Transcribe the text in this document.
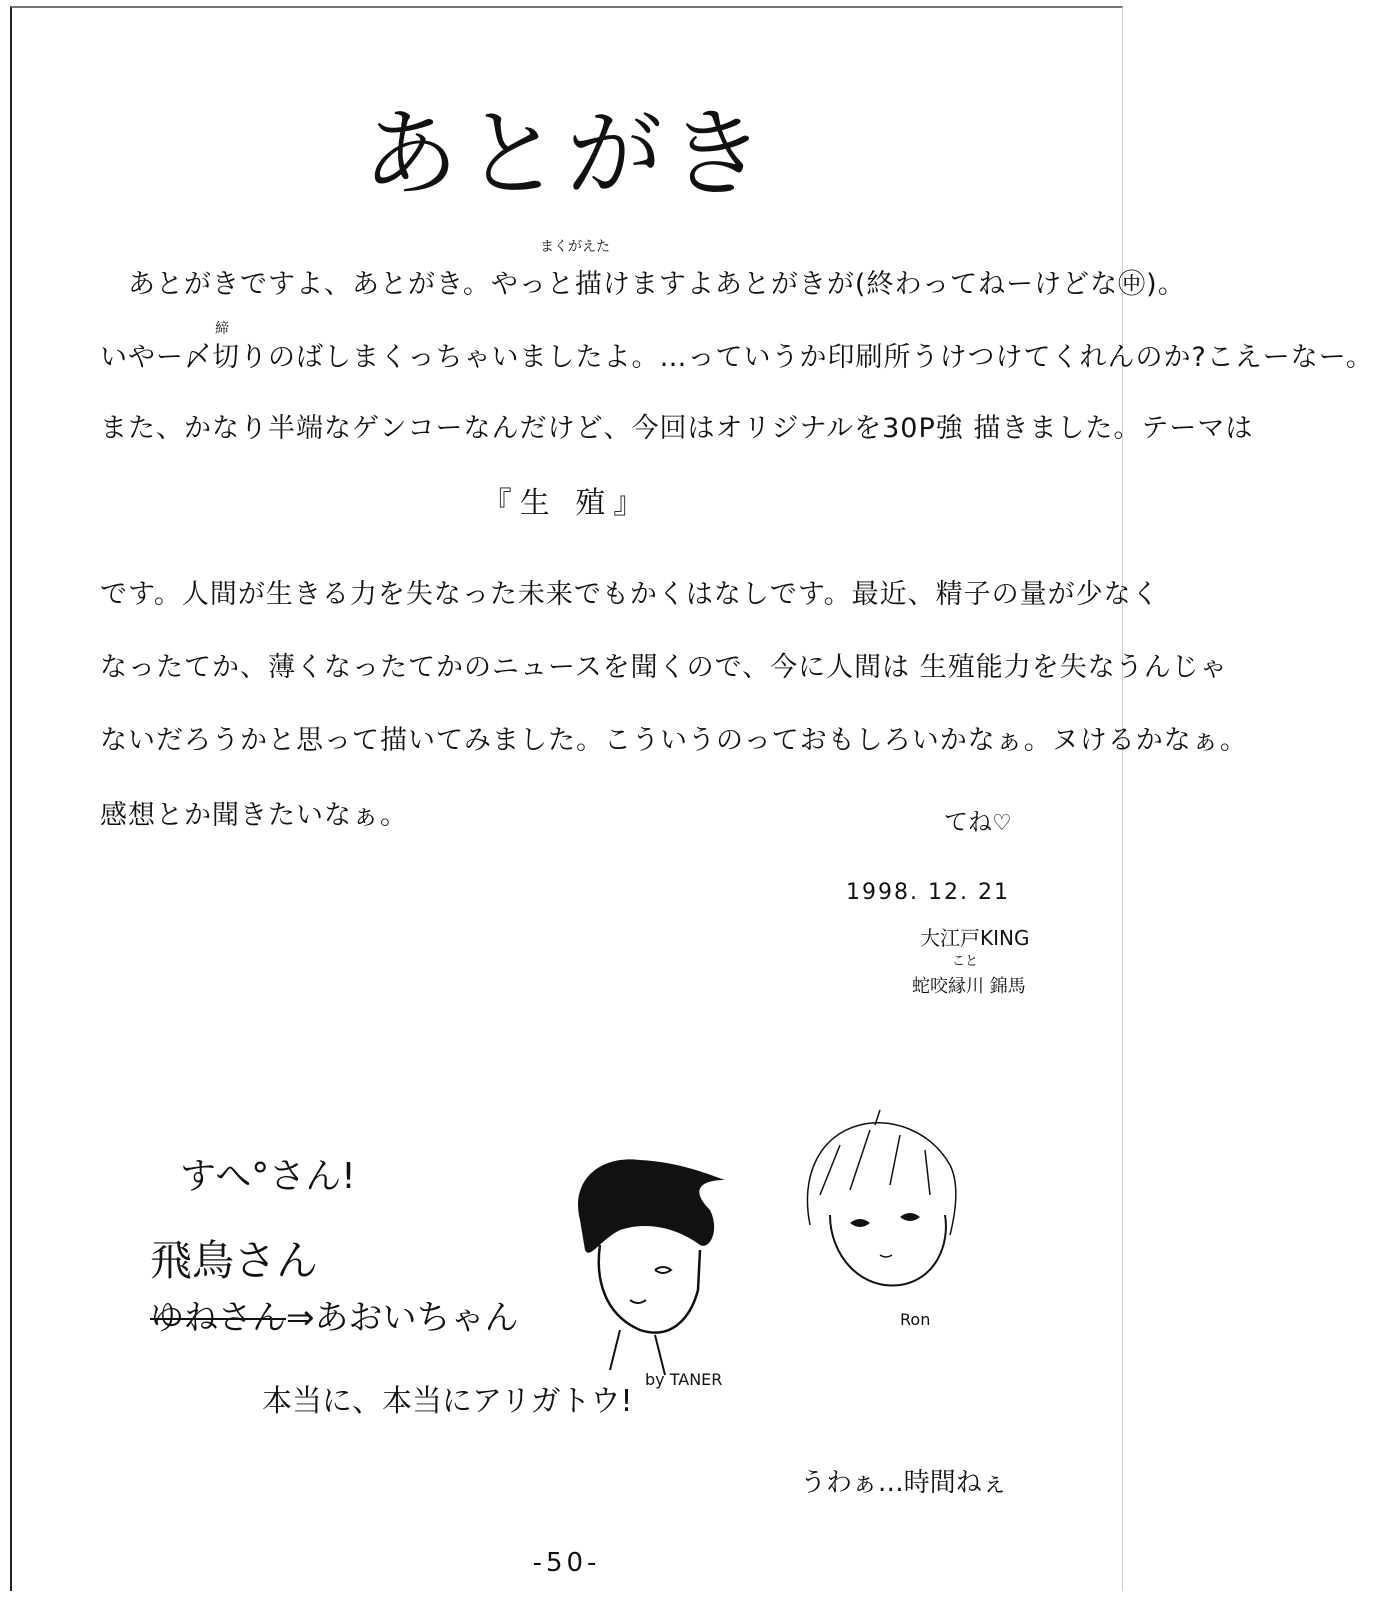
あとがき
まくがえた
締
あとがきですよ、あとがき。やっと描けますよあとがきが(終わってねーけどな㊥)。
いやー〆切りのばしまくっちゃいましたよ。…っていうか印刷所うけつけてくれんのか?こえーなー。
また、かなり半端なゲンコーなんだけど、今回はオリジナルを30P強 描きました。テーマは
『生 殖』
です。人間が生きる力を失なった未来でもかくはなしです。最近、精子の量が少なく
なったてか、薄くなったてかのニュースを聞くので、今に人間は 生殖能力を失なうんじゃ
ないだろうかと思って描いてみました。こういうのっておもしろいかなぁ。ヌけるかなぁ。
感想とか聞きたいなぁ。	てね♡
1998. 12. 21
大江戸KING
こと
蛇咬縁川 錦馬
すへ°さん!
飛鳥さん
ゆねさん⇒あおいちゃん
本当に、本当にアリガトウ!
by TANER
Ron
うわぁ…時間ねぇ
-50-
